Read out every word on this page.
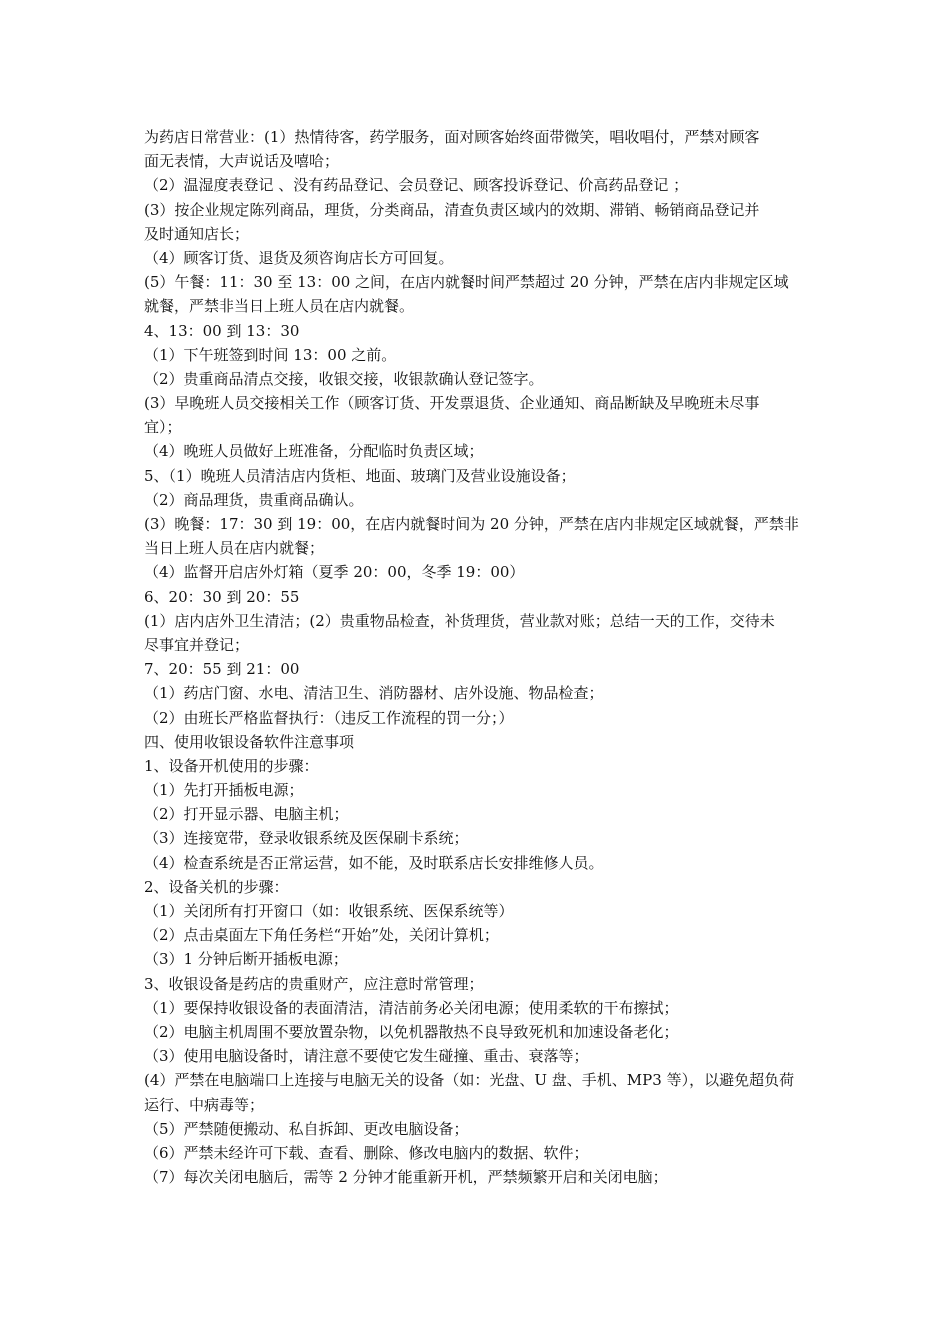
为药店日常营业：(1）热情待客，药学服务，面对顾客始终面带微笑，唱收唱付，严禁对顾客
面无表情，大声说话及嘻哈；
（2）温湿度表登记 、没有药品登记、会员登记、顾客投诉登记、价高药品登记 ；
(3）按企业规定陈列商品，理货，分类商品，清查负责区域内的效期、滞销、畅销商品登记并
及时通知店长；
（4）顾客订货、退货及须咨询店长方可回复。
(5）午餐：11：30 至 13：00 之间，在店内就餐时间严禁超过 20 分钟，严禁在店内非规定区域
就餐，严禁非当日上班人员在店内就餐。
4、13：00 到 13：30
（1）下午班签到时间 13：00 之前。
（2）贵重商品清点交接，收银交接，收银款确认登记签字。
(3）早晚班人员交接相关工作（顾客订货、开发票退货、企业通知、商品断缺及早晚班未尽事
宜）；
（4）晚班人员做好上班准备，分配临时负责区域；
5、（1）晚班人员清洁店内货柜、地面、玻璃门及营业设施设备；
（2）商品理货，贵重商品确认。
(3）晚餐：17：30 到 19：00，在店内就餐时间为 20 分钟，严禁在店内非规定区域就餐，严禁非
当日上班人员在店内就餐；
（4）监督开启店外灯箱（夏季 20：00，冬季 19：00）
6、20：30 到 20：55
(1）店内店外卫生清洁；(2）贵重物品检查，补货理货，营业款对账；总结一天的工作，交待未
尽事宜并登记；
7、20：55 到 21：00
（1）药店门窗、水电、清洁卫生、消防器材、店外设施、物品检查；
（2）由班长严格监督执行：（违反工作流程的罚一分；）
四、使用收银设备软件注意事项
1、设备开机使用的步骤：
（1）先打开插板电源；
（2）打开显示器、电脑主机；
（3）连接宽带，登录收银系统及医保刷卡系统；
（4）检查系统是否正常运营，如不能，及时联系店长安排维修人员。
2、设备关机的步骤：
（1）关闭所有打开窗口（如：收银系统、医保系统等）
（2）点击桌面左下角任务栏“开始”处，关闭计算机；
（3）1 分钟后断开插板电源；
3、收银设备是药店的贵重财产，应注意时常管理；
（1）要保持收银设备的表面清洁，清洁前务必关闭电源；使用柔软的干布擦拭；
（2）电脑主机周围不要放置杂物，以免机器散热不良导致死机和加速设备老化；
（3）使用电脑设备时，请注意不要使它发生碰撞、重击、衰落等；
(4）严禁在电脑端口上连接与电脑无关的设备（如：光盘、U 盘、手机、MP3 等），以避免超负荷
运行、中病毒等；
（5）严禁随便搬动、私自拆卸、更改电脑设备；
（6）严禁未经许可下载、查看、删除、修改电脑内的数据、软件；
（7）每次关闭电脑后，需等 2 分钟才能重新开机，严禁频繁开启和关闭电脑；
